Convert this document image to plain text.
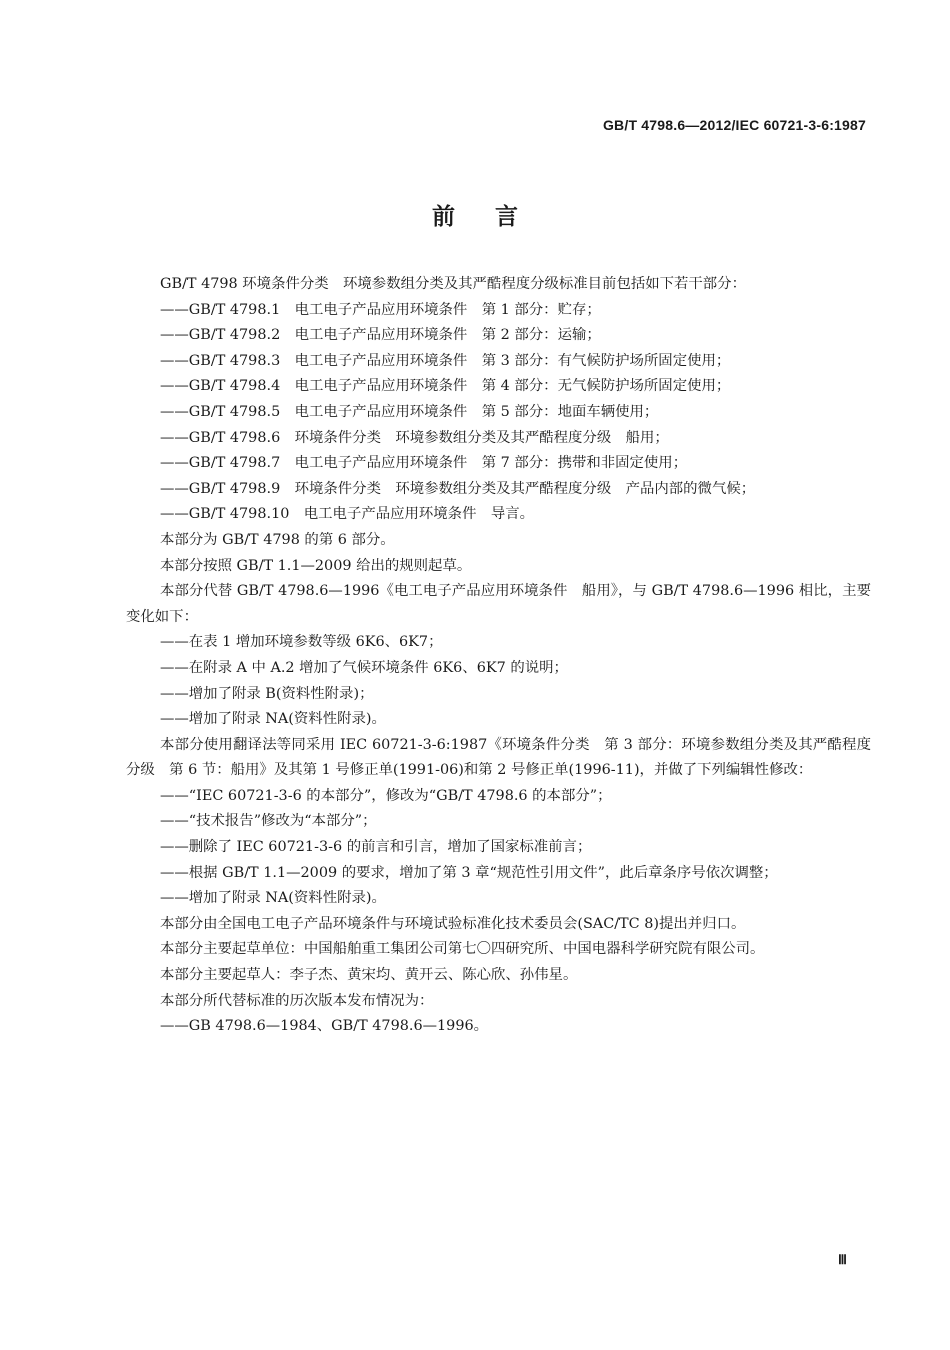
GB/T 4798.6—2012/IEC 60721-3-6:1987
前言
GB/T 4798 环境条件分类　环境参数组分类及其严酷程度分级标准目前包括如下若干部分：
——GB/T 4798.1　电工电子产品应用环境条件　第 1 部分：贮存；
——GB/T 4798.2　电工电子产品应用环境条件　第 2 部分：运输；
——GB/T 4798.3　电工电子产品应用环境条件　第 3 部分：有气候防护场所固定使用；
——GB/T 4798.4　电工电子产品应用环境条件　第 4 部分：无气候防护场所固定使用；
——GB/T 4798.5　电工电子产品应用环境条件　第 5 部分：地面车辆使用；
——GB/T 4798.6　环境条件分类　环境参数组分类及其严酷程度分级　船用；
——GB/T 4798.7　电工电子产品应用环境条件　第 7 部分：携带和非固定使用；
——GB/T 4798.9　环境条件分类　环境参数组分类及其严酷程度分级　产品内部的微气候；
——GB/T 4798.10　电工电子产品应用环境条件　导言。
本部分为 GB/T 4798 的第 6 部分。
本部分按照 GB/T 1.1—2009 给出的规则起草。
本部分代替 GB/T 4798.6—1996《电工电子产品应用环境条件　船用》，与 GB/T 4798.6—1996 相比，主要变化如下：
——在表 1 增加环境参数等级 6K6、6K7；
——在附录 A 中 A.2 增加了气候环境条件 6K6、6K7 的说明；
——增加了附录 B(资料性附录)；
——增加了附录 NA(资料性附录)。
本部分使用翻译法等同采用 IEC 60721-3-6:1987《环境条件分类　第 3 部分：环境参数组分类及其严酷程度分级　第 6 节：船用》及其第 1 号修正单(1991-06)和第 2 号修正单(1996-11)，并做了下列编辑性修改：
——“IEC 60721-3-6 的本部分”，修改为“GB/T 4798.6 的本部分”；
——“技术报告”修改为“本部分”；
——删除了 IEC 60721-3-6 的前言和引言，增加了国家标准前言；
——根据 GB/T 1.1—2009 的要求，增加了第 3 章“规范性引用文件”，此后章条序号依次调整；
——增加了附录 NA(资料性附录)。
本部分由全国电工电子产品环境条件与环境试验标准化技术委员会(SAC/TC 8)提出并归口。
本部分主要起草单位：中国船舶重工集团公司第七〇四研究所、中国电器科学研究院有限公司。
本部分主要起草人：李子杰、黄宋均、黄开云、陈心欣、孙伟星。
本部分所代替标准的历次版本发布情况为：
——GB 4798.6—1984、GB/T 4798.6—1996。
Ⅲ
